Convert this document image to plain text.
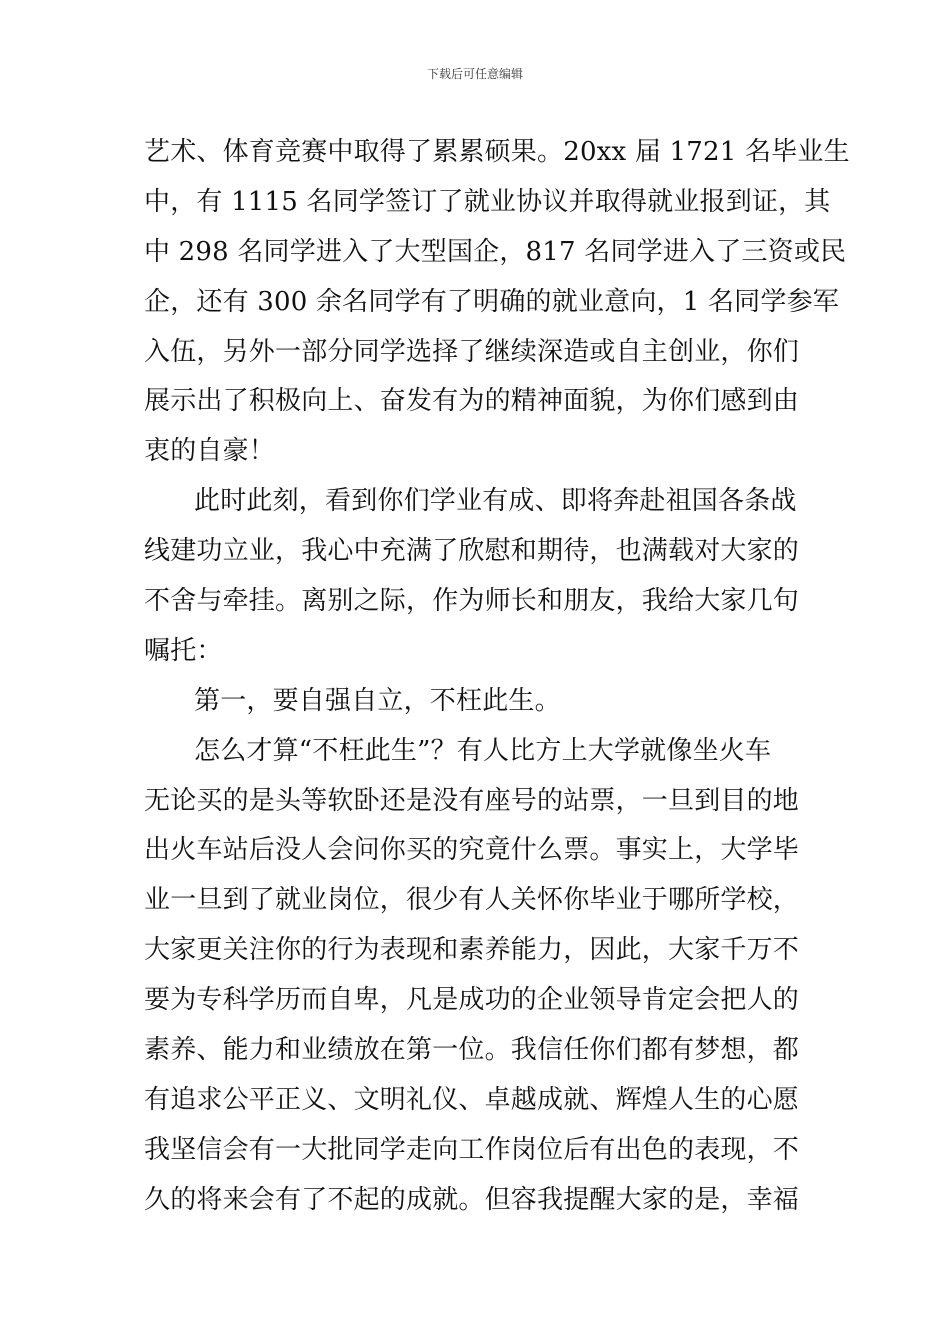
下载后可任意编辑
艺术、体育竞赛中取得了累累硕果。20xx 届 1721 名毕业生
中，有 1115 名同学签订了就业协议并取得就业报到证，其
中 298 名同学进入了大型国企，817 名同学进入了三资或民
企，还有 300 余名同学有了明确的就业意向，1 名同学参军
入伍，另外一部分同学选择了继续深造或自主创业，你们
展示出了积极向上、奋发有为的精神面貌，为你们感到由
衷的自豪！
此时此刻，看到你们学业有成、即将奔赴祖国各条战
线建功立业，我心中充满了欣慰和期待，也满载对大家的
不舍与牵挂。离别之际，作为师长和朋友，我给大家几句
嘱托：
第一，要自强自立，不枉此生。
怎么才算“不枉此生”？有人比方上大学就像坐火车
无论买的是头等软卧还是没有座号的站票，一旦到目的地
出火车站后没人会问你买的究竟什么票。事实上，大学毕
业一旦到了就业岗位，很少有人关怀你毕业于哪所学校，
大家更关注你的行为表现和素养能力，因此，大家千万不
要为专科学历而自卑，凡是成功的企业领导肯定会把人的
素养、能力和业绩放在第一位。我信任你们都有梦想，都
有追求公平正义、文明礼仪、卓越成就、辉煌人生的心愿
我坚信会有一大批同学走向工作岗位后有出色的表现，不
久的将来会有了不起的成就。但容我提醒大家的是，幸福
